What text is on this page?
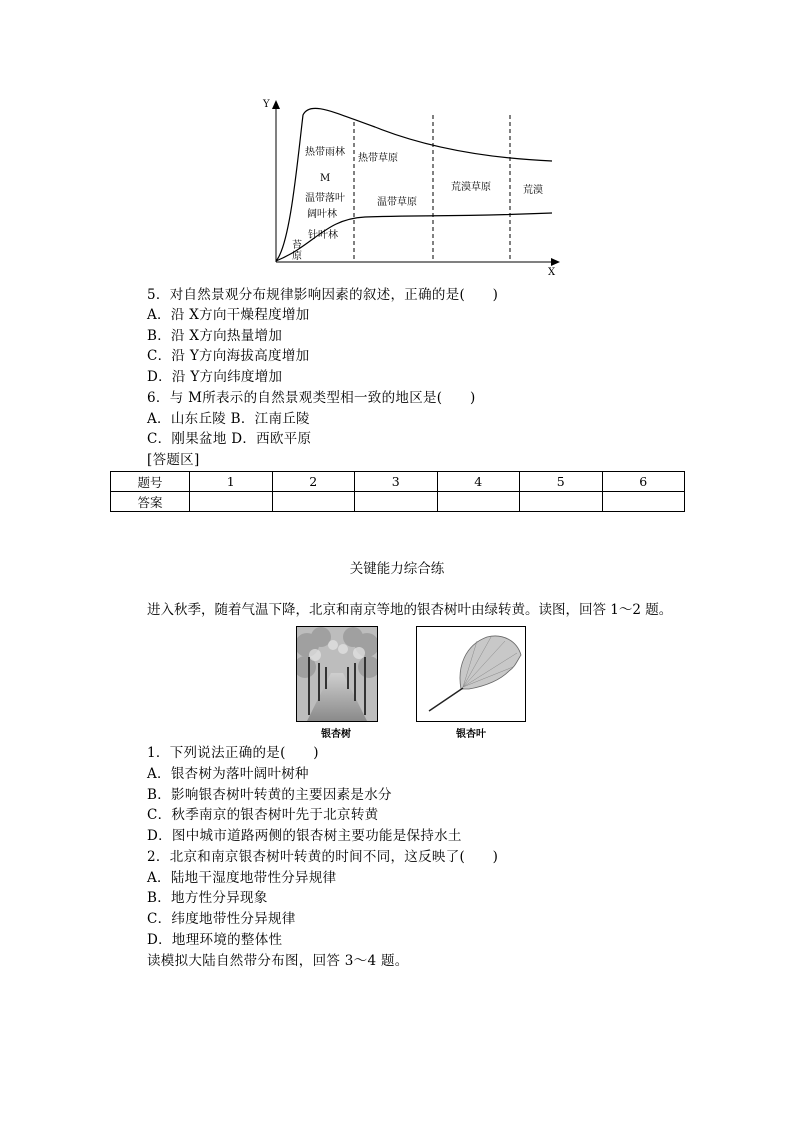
Y
X
热带雨林
热带草原
M
温带落叶
阔叶林
温带草原
荒漠草原	荒漠
针叶林
苔
原
5．对自然景观分布规律影响因素的叙述，正确的是(　　)
A．沿 X方向干燥程度增加
B．沿 X方向热量增加
C．沿 Y方向海拔高度增加
D．沿 Y方向纬度增加
6．与 M所表示的自然景观类型相一致的地区是(　　)
A．山东丘陵 B．江南丘陵
C．刚果盆地 D．西欧平原
[答题区]
题号	1	2	3	4	5	6
答案						
关键能力综合练
进入秋季，随着气温下降，北京和南京等地的银杏树叶由绿转黄。读图，回答 1～2 题。
银杏树	银杏叶
1．下列说法正确的是(　　)
A．银杏树为落叶阔叶树种
B．影响银杏树叶转黄的主要因素是水分
C．秋季南京的银杏树叶先于北京转黄
D．图中城市道路两侧的银杏树主要功能是保持水土
2．北京和南京银杏树叶转黄的时间不同，这反映了(　　)
A．陆地干湿度地带性分异规律
B．地方性分异现象
C．纬度地带性分异规律
D．地理环境的整体性
读模拟大陆自然带分布图，回答 3～4 题。
